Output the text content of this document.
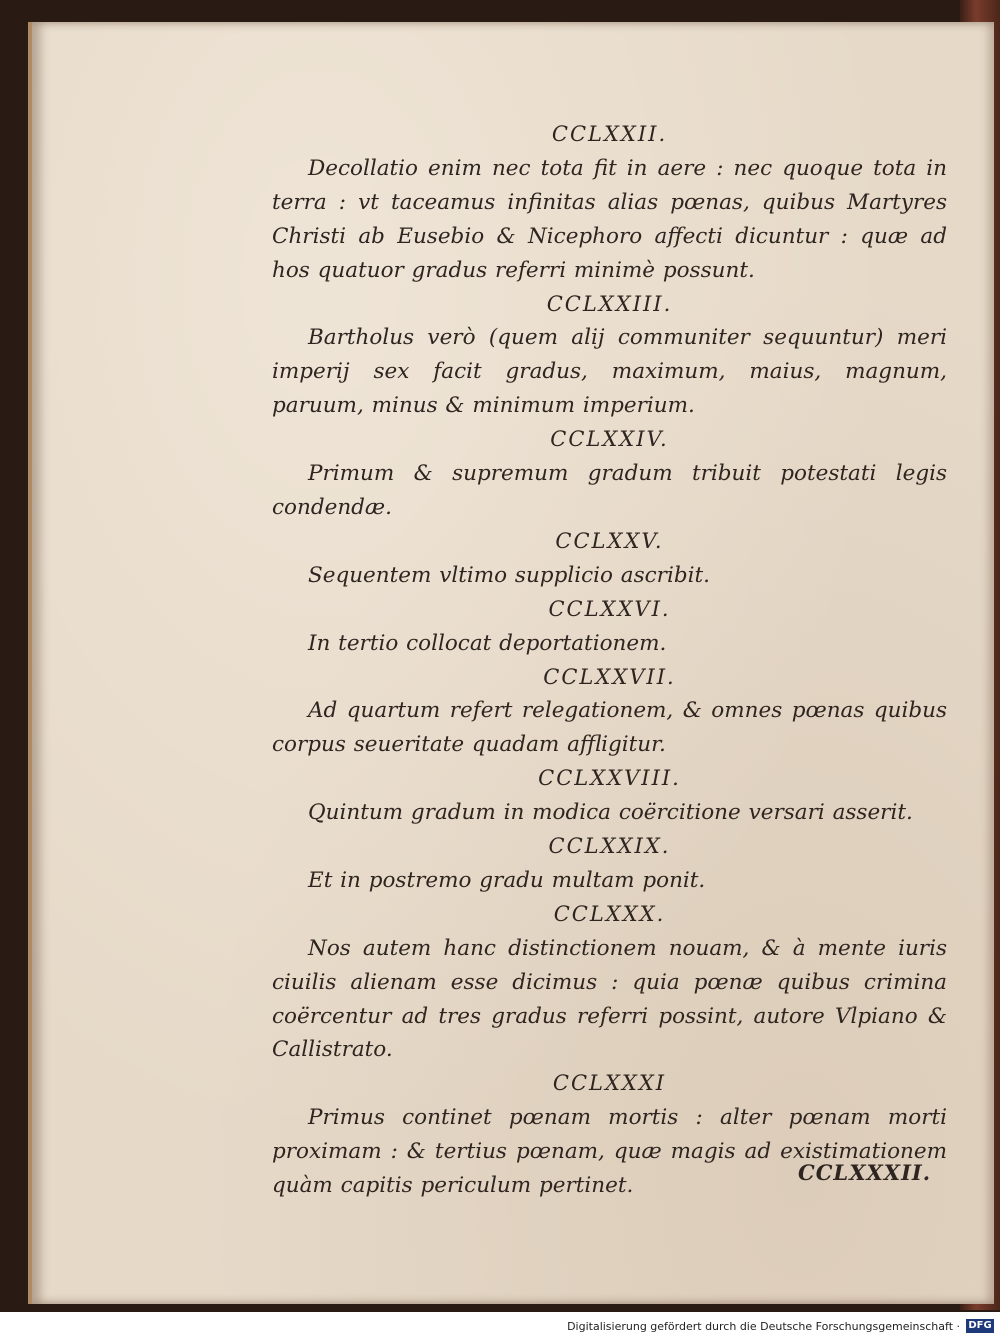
CCLXXII.
Decollatio enim nec tota fit in aere : nec quoque tota in terra : vt taceamus infinitas alias pœnas, quibus Martyres Christi ab Eusebio & Nicephoro affecti dicuntur : quæ ad hos quatuor gradus referri minimè possunt.
CCLXXIII.
Bartholus verò (quem alij communiter sequuntur) meri imperij sex facit gradus, maximum, maius, magnum, paruum, minus & minimum imperium.
CCLXXIV.
Primum & supremum gradum tribuit potestati legis condendæ.
CCLXXV.
Sequentem vltimo supplicio ascribit.
CCLXXVI.
In tertio collocat deportationem.
CCLXXVII.
Ad quartum refert relegationem, & omnes pœnas quibus corpus seueritate quadam affligitur.
CCLXXVIII.
Quintum gradum in modica coërcitione versari asserit.
CCLXXIX.
Et in postremo gradu multam ponit.
CCLXXX.
Nos autem hanc distinctionem nouam, & à mente iuris ciuilis alienam esse dicimus : quia pœnæ quibus crimina coërcentur ad tres gradus referri possint, autore Vlpiano & Callistrato.
CCLXXXI
Primus continet pœnam mortis : alter pœnam morti proximam : & tertius pœnam, quæ magis ad existimationem quàm capitis periculum pertinet.
CCLXXXII.
Digitalisierung gefördert durch die Deutsche Forschungsgemeinschaft · DFG
